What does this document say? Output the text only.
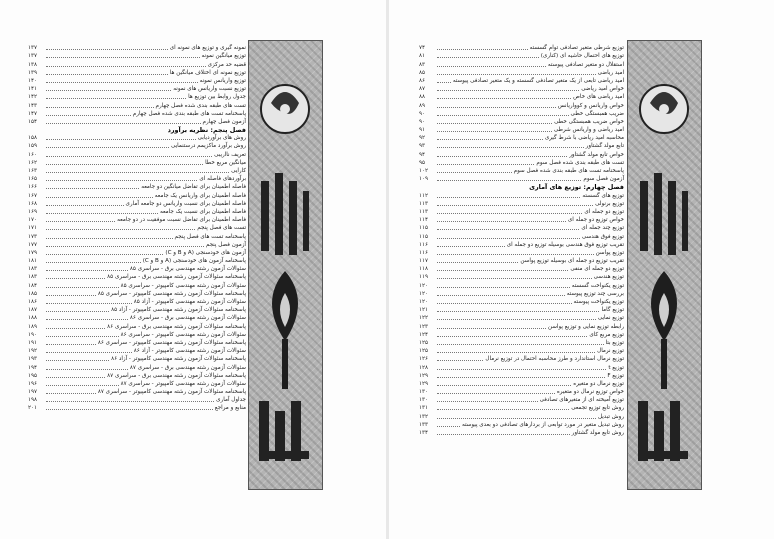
نمونه گیری و توزیع های نمونه ای
۱۳۷
توزیع میانگین نمونه
۱۳۷
قضیه حد مرکزی
۱۳۸
توزیع نمونه ای اختلاف میانگین ها
۱۳۹
توزیع واریانس نمونه
۱۴۰
توزیع نسبت واریانس های نمونه
۱۴۱
جدول روابط بین توزیع ها
۱۴۲
تست های طبقه بندی شده فصل چهارم
۱۴۳
پاسخنامه تست های طبقه بندی شده فصل چهارم
۱۴۷
آزمون فصل چهارم
۱۵۴
فصل پنجم: نظریه برآورد
روش های برآوردیابی
۱۵۸
روش برآورد ماکزیمم درستنمایی
۱۵۹
تعریف نااریبی
۱۶۰
میانگین مربع خطا
۱۶۲
کارایی
۱۶۳
برآوردهای فاصله ای
۱۶۵
فاصله اطمینان برای تفاضل میانگین دو جامعه
۱۶۶
فاصله اطمینان برای واریانس یک جامعه
۱۶۷
فاصله اطمینان برای نسبت واریانس دو جامعه آماری
۱۶۸
فاصله اطمینان برای نسبت یک جامعه
۱۶۹
فاصله اطمینان برای تفاضل نسبت موفقیت در دو جامعه
۱۷۰
تست های فصل پنجم
۱۷۱
پاسخنامه تست های فصل پنجم
۱۷۳
آزمون فصل پنجم
۱۷۷
آزمون های خودسنجی (A و B و C)
۱۷۹
پاسخنامه آزمون های خودسنجی (A و B و C)
۱۸۱
سئوالات آزمون رشته مهندسی برق - سراسری ۸۵
۱۸۳
پاسخنامه سئوالات آزمون رشته مهندسی برق - سراسری ۸۵
۱۸۳
سئوالات آزمون رشته مهندسی کامپیوتر - سراسری ۸۵
۱۸۴
پاسخنامه سئوالات آزمون رشته مهندسی کامپیوتر - سراسری ۸۵
۱۸۵
سئوالات آزمون رشته مهندسی کامپیوتر - آزاد ۸۵
۱۸۶
پاسخنامه سئوالات آزمون رشته مهندسی کامپیوتر - آزاد ۸۵
۱۸۷
سئوالات آزمون رشته مهندسی برق - سراسری ۸۶
۱۸۸
پاسخنامه سئوالات آزمون رشته مهندسی برق - سراسری ۸۶
۱۸۹
سئوالات آزمون رشته مهندسی کامپیوتر - سراسری ۸۶
۱۹۰
پاسخنامه سئوالات آزمون رشته مهندسی کامپیوتر - سراسری ۸۶
۱۹۱
سئوالات آزمون رشته مهندسی کامپیوتر - آزاد ۸۶
۱۹۲
پاسخنامه سئوالات آزمون رشته مهندسی کامپیوتر - آزاد ۸۶
۱۹۳
سئوالات آزمون رشته مهندسی برق - سراسری ۸۷
۱۹۴
پاسخنامه سئوالات آزمون رشته مهندسی برق - سراسری ۸۷
۱۹۵
سئوالات آزمون رشته مهندسی کامپیوتر - سراسری ۸۷
۱۹۶
پاسخنامه سئوالات آزمون رشته مهندسی کامپیوتر - سراسری ۸۷
۱۹۷
جداول آماری
۱۹۸
منابع و مراجع
۲۰۱
توزیع شرطی متغیر تصادفی توام گسسته
۷۴
توزیع های احتمال حاشیه ای (کناری)
۸۱
استقلال دو متغیر تصادفی پیوسته
۸۳
امید ریاضی
۸۵
امید ریاضی تابعی از یک متغیر تصادفی گسسته و یک متغیر تصادفی پیوسته
۸۶
خواص امید ریاضی
۸۷
امید ریاضی های خاص
۸۸
خواص واریانس و کوواریانس
۸۹
ضریب همبستگی خطی
۹۰
خواص ضریب همبستگی خطی
۹۰
امید ریاضی و واریانس شرطی
۹۱
محاسبه امید ریاضی با شرط گیری
۹۲
تابع مولد گشتاور
۹۳
خواص تابع مولد گشتاور
۹۴
تست های طبقه بندی شده فصل سوم
۹۵
پاسخنامه تست های طبقه بندی شده فصل سوم
۱۰۲
آزمون فصل سوم
۱۰۹
فصل چهارم: توزیع های آماری
توزیع های گسسته
۱۱۲
توزیع برنولی
۱۱۳
توزیع دو جمله ای
۱۱۳
خواص توزیع دو جمله ای
۱۱۴
توزیع چند جمله ای
۱۱۵
توزیع فوق هندسی
۱۱۵
تقریب توزیع فوق هندسی بوسیله توزیع دو جمله ای
۱۱۶
توزیع پواسن
۱۱۶
تقریب توزیع دو جمله ای بوسیله توزیع پواسن
۱۱۷
توزیع دو جمله ای منفی
۱۱۸
توزیع هندسی
۱۱۹
توزیع یکنواخت گسسته
۱۲۰
بررسی چند توزیع پیوسته
۱۲۰
توزیع یکنواخت پیوسته
۱۲۰
توزیع گاما
۱۲۱
توزیع نمایی
۱۲۲
رابطه توزیع نمایی و توزیع پواسن
۱۲۳
توزیع مربع کای
۱۲۴
توزیع بتا
۱۲۵
توزیع نرمال
۱۲۵
توزیع نرمال استاندارد و طرز محاسبه احتمال در توزیع نرمال
۱۲۶
توزیع t
۱۲۸
توزیع F
۱۲۹
توزیع نرمال دو متغیره
۱۲۹
خواص توزیع نرمال دو متغیره
۱۳۰
توزیع آمیخته ای از متغیرهای تصادفی
۱۳۰
روش تابع توزیع تجمعی
۱۳۱
روش تبدیل
۱۳۲
روش تبدیل متغیر در مورد توابعی از بردارهای تصادفی دو بعدی پیوسته
۱۳۳
روش تابع مولد گشتاور
۱۳۴
